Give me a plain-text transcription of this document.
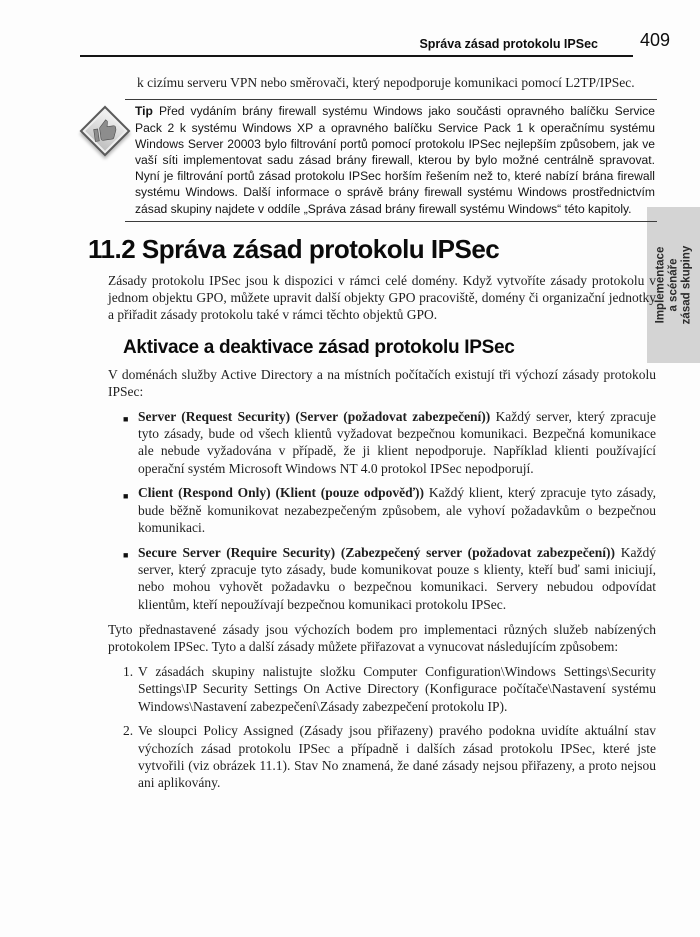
Správa zásad protokolu IPSec 409
Implementace a scénáře zásad skupiny

k cizímu serveru VPN nebo směrovači, který nepodporuje komunikaci pomocí L2TP/IPSec.

Tip Před vydáním brány firewall systému Windows jako součásti opravného balíčku Service Pack 2 k systému Windows XP a opravného balíčku Service Pack 1 k operačnímu systému Windows Server 20003 bylo filtrování portů pomocí protokolu IPSec nejlepším způsobem, jak ve vaší síti implementovat sadu zásad brány firewall, kterou by bylo možné centrálně spravovat. Nyní je filtrování portů zásad protokolu IPSec horším řešením než to, které nabízí brána firewall systému Windows. Další informace o správě brány firewall systému Windows prostřednictvím zásad skupiny najdete v oddíle „Správa zásad brány firewall systému Windows“ této kapitoly.
11.2 Správa zásad protokolu IPSec

Zásady protokolu IPSec jsou k dispozici v rámci celé domény. Když vytvoříte zásady protokolu v jednom objektu GPO, můžete upravit další objekty GPO pracoviště, domény či organizační jednotky a přiřadit zásady protokolu také v rámci těchto objektů GPO.

Aktivace a deaktivace zásad protokolu IPSec

V doménách služby Active Directory a na místních počítačích existují tři výchozí zásady protokolu IPSec:

■ Server (Request Security) (Server (požadovat zabezpečení)) Každý server, který zpracuje tyto zásady, bude od všech klientů vyžadovat bezpečnou komunikaci. Bezpečná komunikace ale nebude vyžadována v případě, že ji klient nepodporuje. Například klienti používající operační systém Microsoft Windows NT 4.0 protokol IPSec nepodporují.
■ Client (Respond Only) (Klient (pouze odpověď)) Každý klient, který zpracuje tyto zásady, bude běžně komunikovat nezabezpečeným způsobem, ale vyhoví požadavkům o bezpečnou komunikaci.
■ Secure Server (Require Security) (Zabezpečený server (požadovat zabezpečení)) Každý server, který zpracuje tyto zásady, bude komunikovat pouze s klienty, kteří buď sami iniciují, nebo mohou vyhovět požadavku o bezpečnou komunikaci. Servery nebudou odpovídat klientům, kteří nepoužívají bezpečnou komunikaci protokolu IPSec.

Tyto přednastavené zásady jsou výchozích bodem pro implementaci různých služeb nabízených protokolem IPSec. Tyto a další zásady můžete přiřazovat a vynucovat následujícím způsobem:

1. V zásadách skupiny nalistujte složku Computer Configuration\Windows Settings\Security Settings\IP Security Settings On Active Directory (Konfigurace počítače\Nastavení systému Windows\Nastavení zabezpečení\Zásady zabezpečení protokolu IP).
2. Ve sloupci Policy Assigned (Zásady jsou přiřazeny) pravého podokna uvidíte aktuální stav výchozích zásad protokolu IPSec a případně i dalších zásad protokolu IPSec, které jste vytvořili (viz obrázek 11.1). Stav No znamená, že dané zásady nejsou přiřazeny, a proto nejsou ani aplikovány.
